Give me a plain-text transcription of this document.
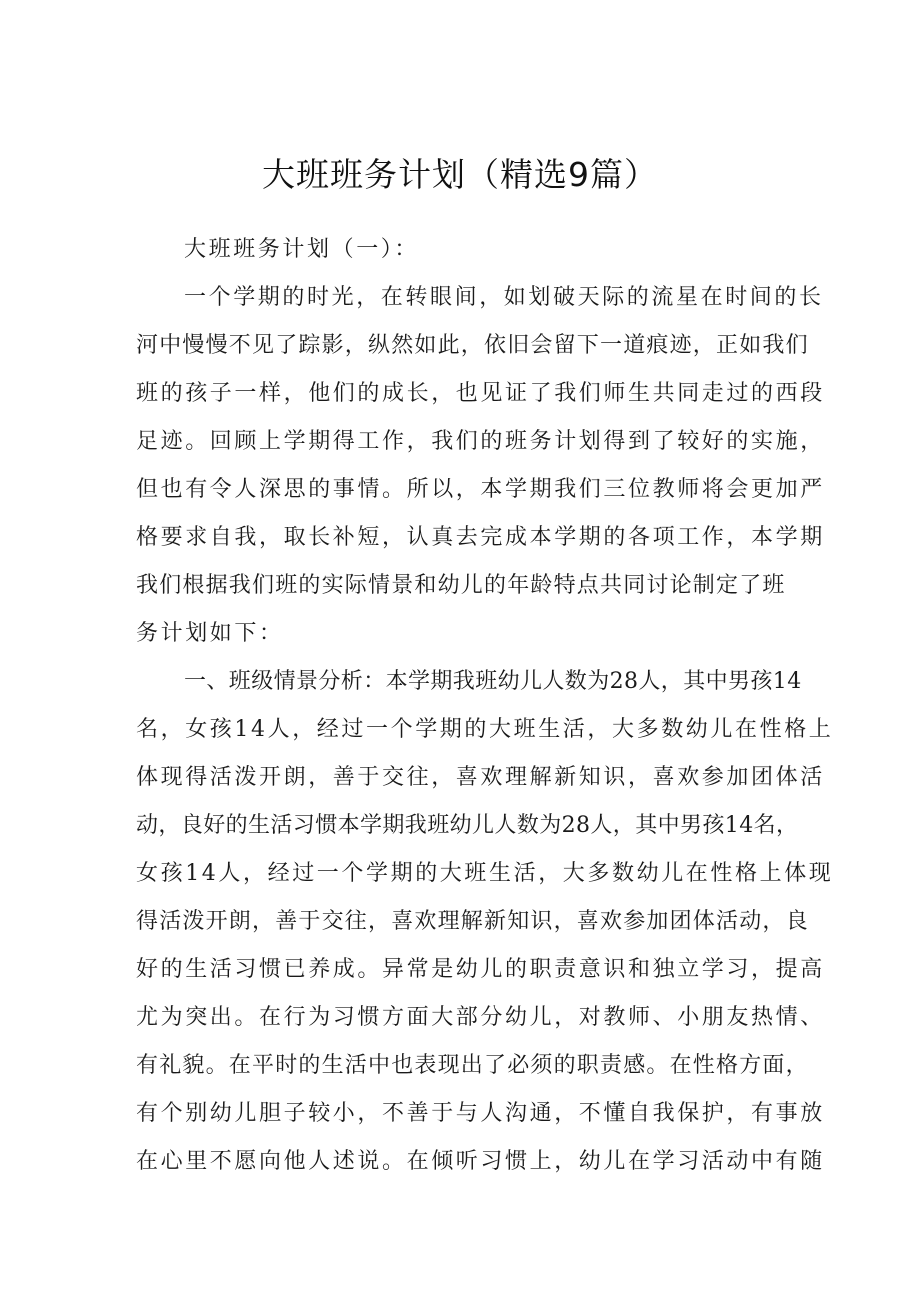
大班班务计划（精选9篇）
大班班务计划（一）：
一个学期的时光，在转眼间，如划破天际的流星在时间的长
河中慢慢不见了踪影，纵然如此，依旧会留下一道痕迹，正如我们
班的孩子一样，他们的成长，也见证了我们师生共同走过的西段
足迹。回顾上学期得工作，我们的班务计划得到了较好的实施，
但也有令人深思的事情。所以，本学期我们三位教师将会更加严
格要求自我，取长补短，认真去完成本学期的各项工作，本学期
我们根据我们班的实际情景和幼儿的年龄特点共同讨论制定了班
务计划如下：
一、班级情景分析：本学期我班幼儿人数为28人，其中男孩14
名，女孩14人，经过一个学期的大班生活，大多数幼儿在性格上
体现得活泼开朗，善于交往，喜欢理解新知识，喜欢参加团体活
动，良好的生活习惯本学期我班幼儿人数为28人，其中男孩14名，
女孩14人，经过一个学期的大班生活，大多数幼儿在性格上体现
得活泼开朗，善于交往，喜欢理解新知识，喜欢参加团体活动，良
好的生活习惯已养成。异常是幼儿的职责意识和独立学习，提高
尤为突出。在行为习惯方面大部分幼儿，对教师、小朋友热情、
有礼貌。在平时的生活中也表现出了必须的职责感。在性格方面，
有个别幼儿胆子较小，不善于与人沟通，不懂自我保护，有事放
在心里不愿向他人述说。在倾听习惯上，幼儿在学习活动中有随
